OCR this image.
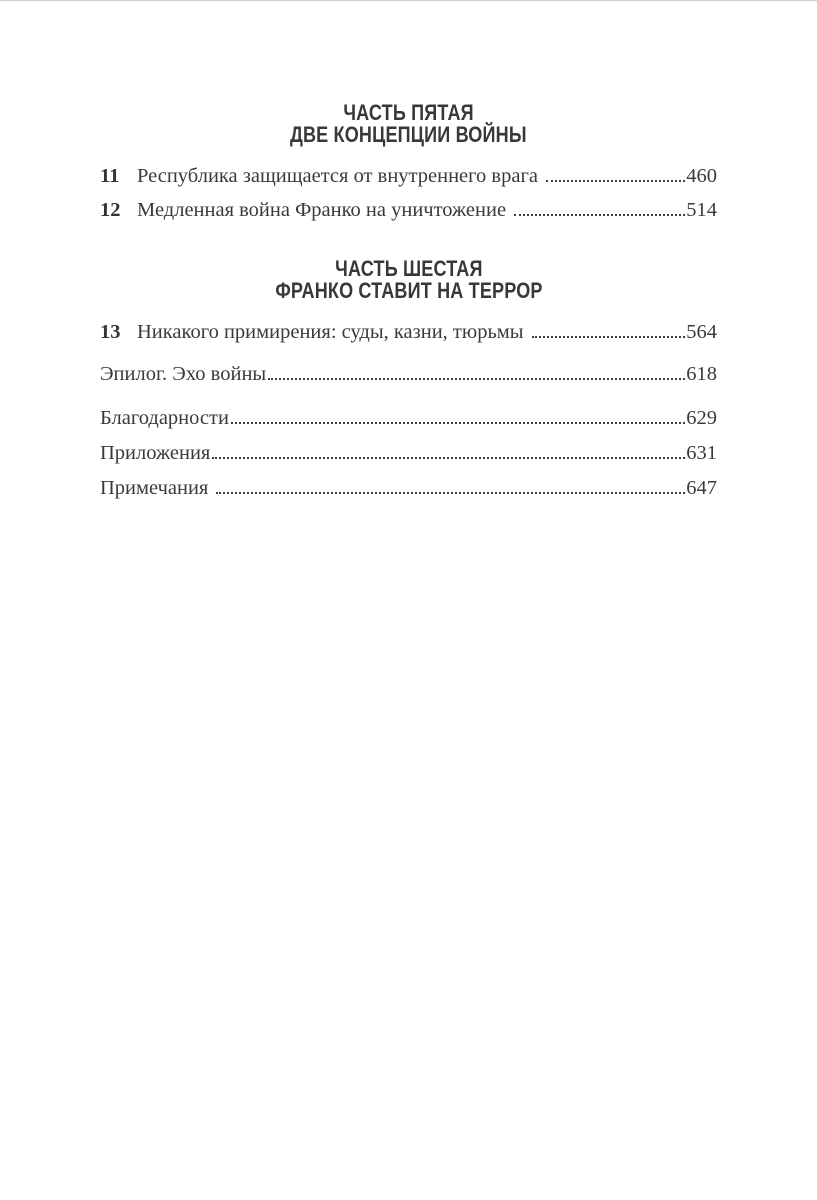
ЧАСТЬ ПЯТАЯ
ДВЕ КОНЦЕПЦИИ ВОЙНЫ
11 Республика защищается от внутреннего врага	460
12 Медленная война Франко на уничтожение	514
ЧАСТЬ ШЕСТАЯ
ФРАНКО СТАВИТ НА ТЕРРОР
13 Никакого примирения: суды, казни, тюрьмы	564
Эпилог. Эхо войны	618
Благодарности	629
Приложения	631
Примечания	647
